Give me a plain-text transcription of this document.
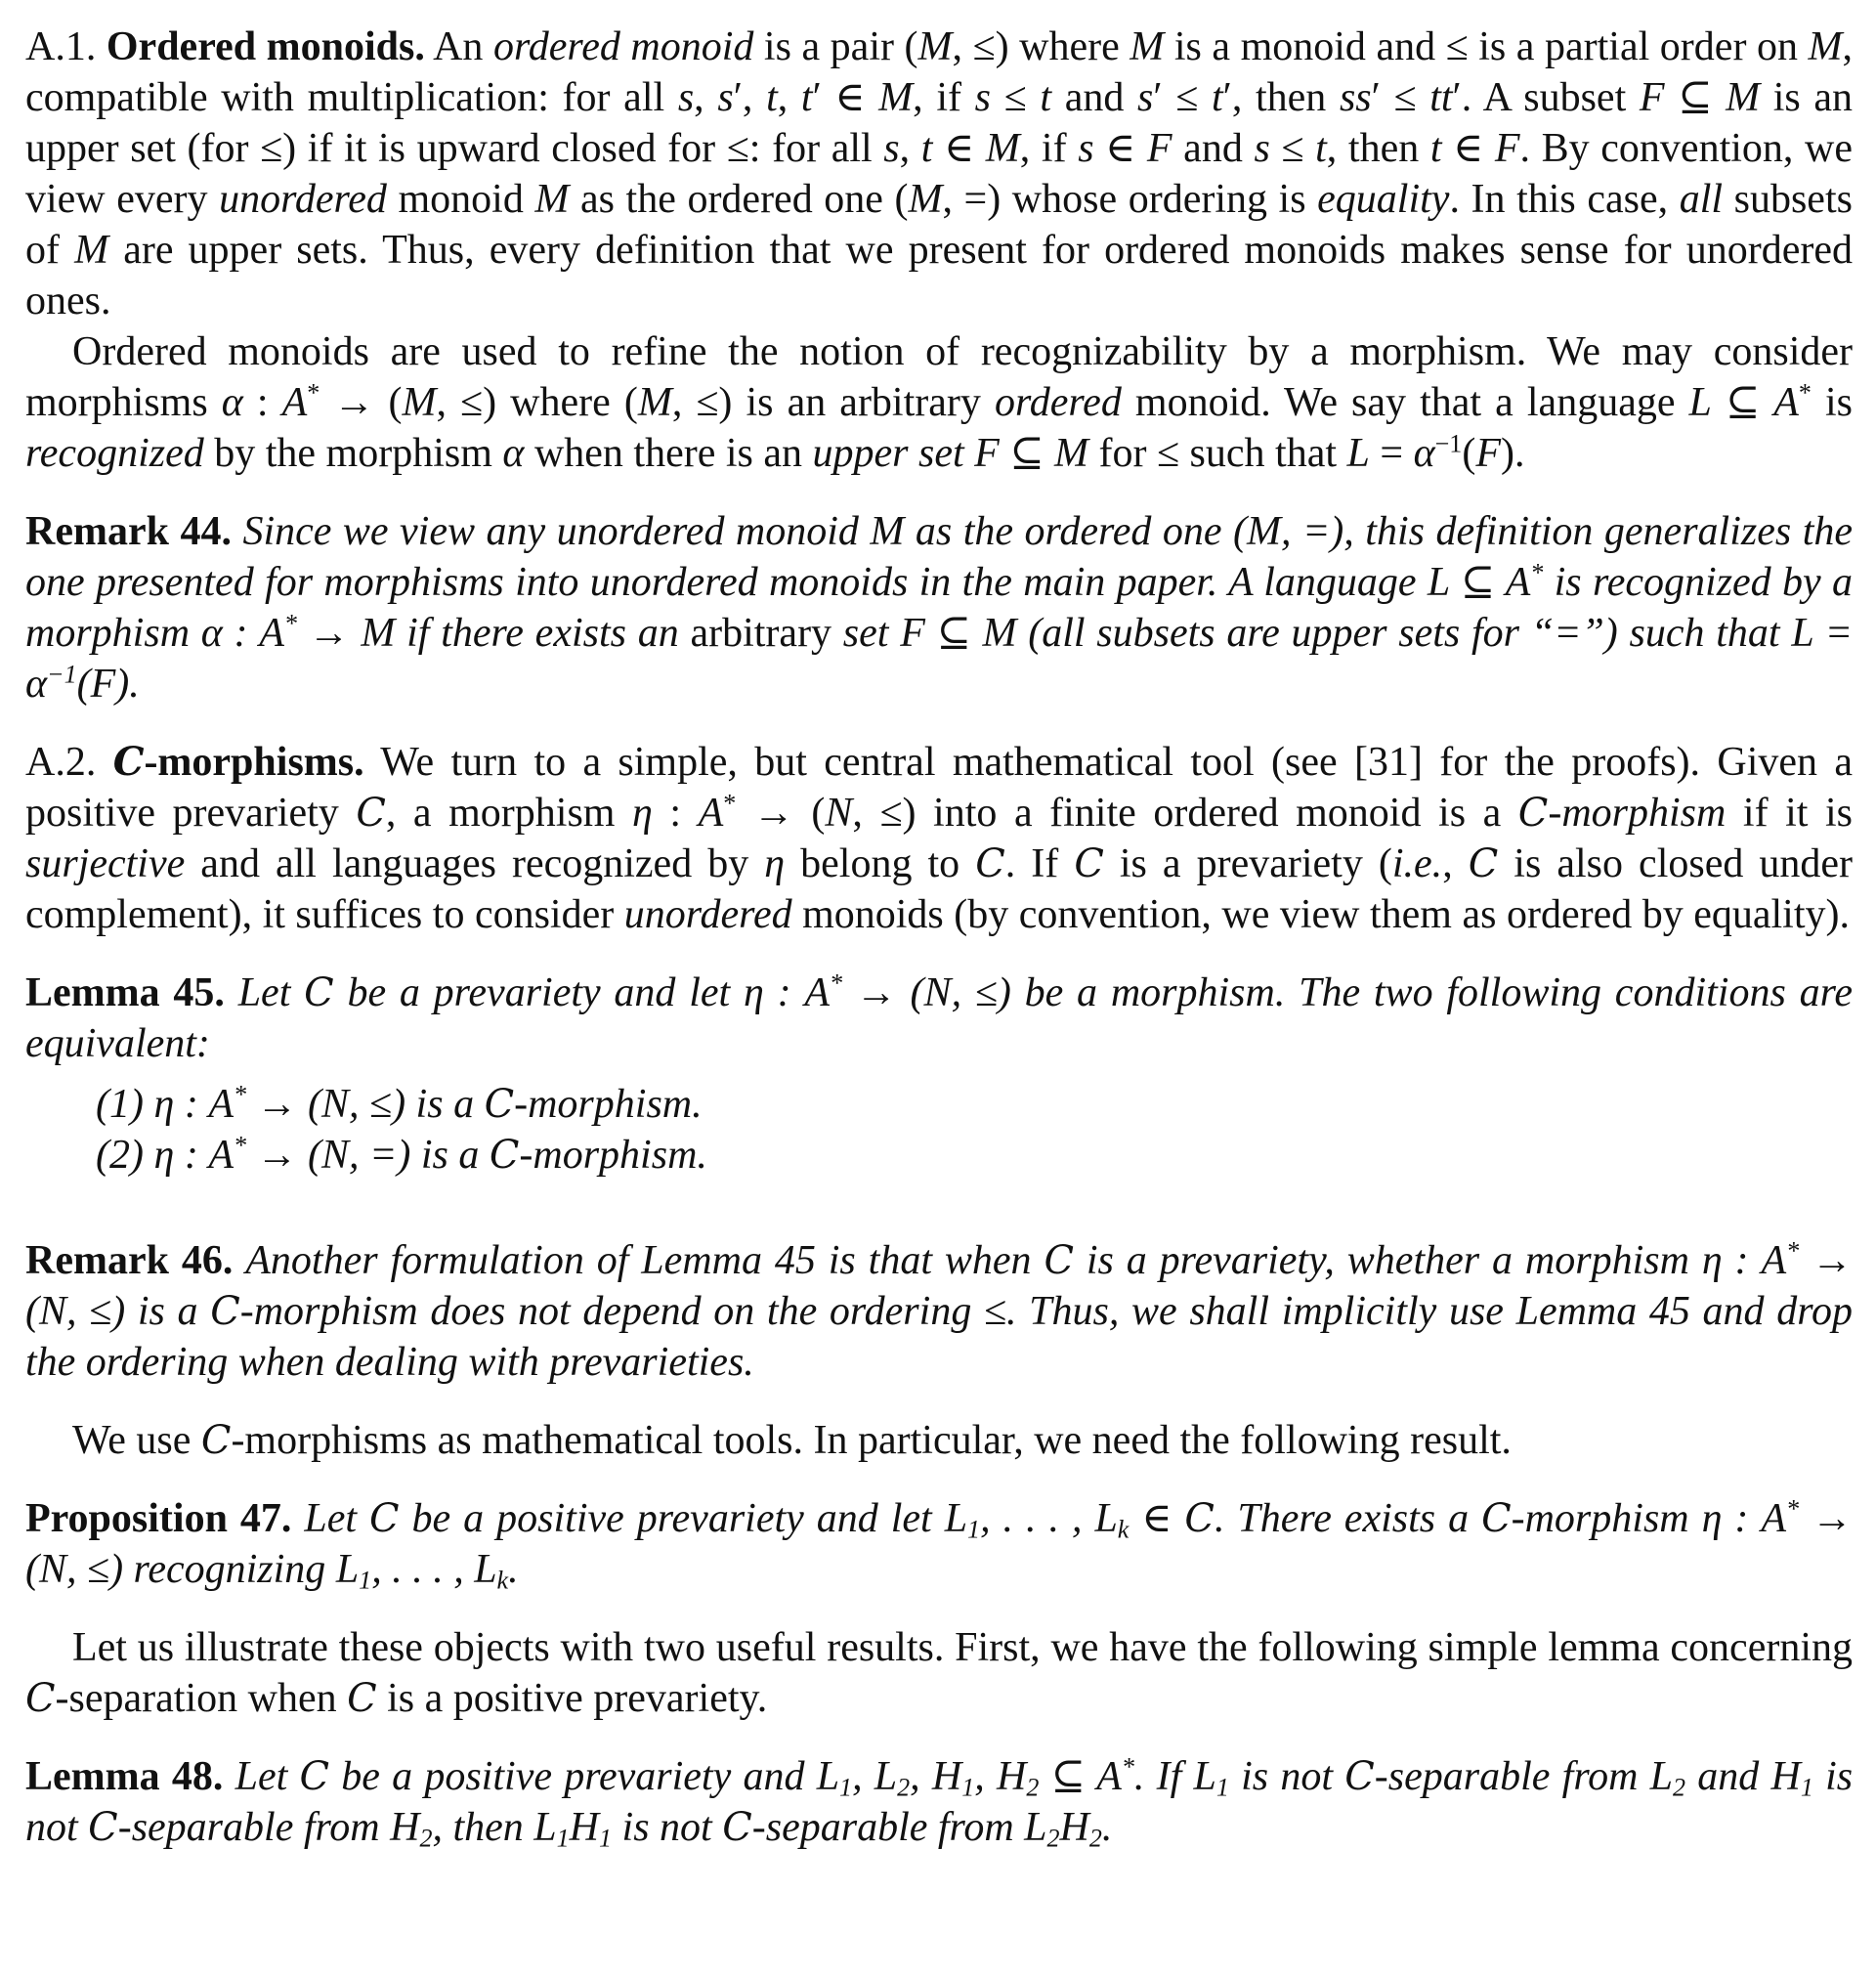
A.1. Ordered monoids. An ordered monoid is a pair (M, ≤) where M is a monoid and ≤ is a partial order on M, compatible with multiplication: for all s, s′, t, t′ ∈ M, if s ≤ t and s′ ≤ t′, then ss′ ≤ tt′. A subset F ⊆ M is an upper set (for ≤) if it is upward closed for ≤: for all s, t ∈ M, if s ∈ F and s ≤ t, then t ∈ F. By convention, we view every unordered monoid M as the ordered one (M, =) whose ordering is equality. In this case, all subsets of M are upper sets. Thus, every definition that we present for ordered monoids makes sense for unordered ones.

Ordered monoids are used to refine the notion of recognizability by a morphism. We may consider morphisms α : A* → (M, ≤) where (M, ≤) is an arbitrary ordered monoid. We say that a language L ⊆ A* is recognized by the morphism α when there is an upper set F ⊆ M for ≤ such that $L = \alpha^{-1}(F)$.

Remark 44. Since we view any unordered monoid M as the ordered one (M, =), this definition generalizes the one presented for morphisms into unordered monoids in the main paper. A language L ⊆ A* is recognized by a morphism α : A* → M if there exists an arbitrary set F ⊆ M (all subsets are upper sets for “=”) such that $L = \alpha^{-1}(F)$.

A.2. C-morphisms. We turn to a simple, but central mathematical tool (see [31] for the proofs). Given a positive prevariety C, a morphism η : A* → (N, ≤) into a finite ordered monoid is a C-morphism if it is surjective and all languages recognized by η belong to C. If C is a prevariety (i.e., C is also closed under complement), it suffices to consider unordered monoids (by convention, we view them as ordered by equality).

Lemma 45. Let C be a prevariety and let η : A* → (N, ≤) be a morphism. The two following conditions are equivalent:

(1) η : A* → (N, ≤) is a C-morphism.
(2) η : A* → (N, =) is a C-morphism.

Remark 46. Another formulation of Lemma 45 is that when C is a prevariety, whether a morphism η : A* → (N, ≤) is a C-morphism does not depend on the ordering ≤. Thus, we shall implicitly use Lemma 45 and drop the ordering when dealing with prevarieties.

We use C-morphisms as mathematical tools. In particular, we need the following result.

Proposition 47. Let C be a positive prevariety and let $L_1$, . . . , $L_k$ ∈ C. There exists a C-morphism η : A* → (N, ≤) recognizing $L_1$, . . . , $L_k$.

Let us illustrate these objects with two useful results. First, we have the following simple lemma concerning C-separation when C is a positive prevariety.

Lemma 48. Let C be a positive prevariety and $L_1$, $L_2$, $H_1$, $H_2$ ⊆ A*. If $L_1$ is not C-separable from $L_2$ and $H_1$ is not C-separable from $H_2$, then $L_1H_1$ is not C-separable from $L_2H_2$.
